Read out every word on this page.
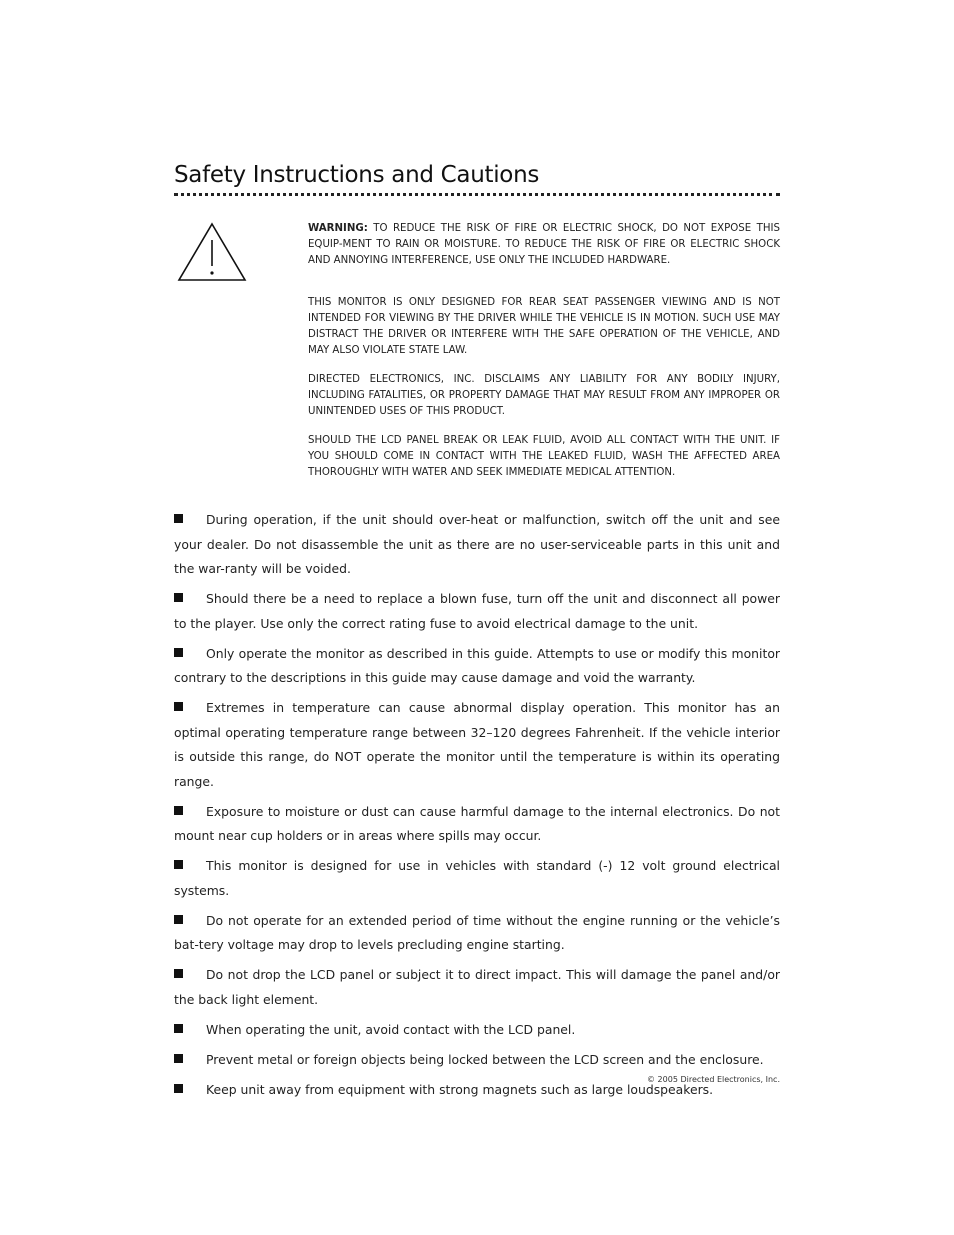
Safety Instructions and Cautions

WARNING: TO REDUCE THE RISK OF FIRE OR ELECTRIC SHOCK, DO NOT EXPOSE THIS EQUIP-MENT TO RAIN OR MOISTURE. TO REDUCE THE RISK OF FIRE OR ELECTRIC SHOCK AND ANNOYING INTERFERENCE, USE ONLY THE INCLUDED HARDWARE.

THIS MONITOR IS ONLY DESIGNED FOR REAR SEAT PASSENGER VIEWING AND IS NOT INTENDED FOR VIEWING BY THE DRIVER WHILE THE VEHICLE IS IN MOTION. SUCH USE MAY DISTRACT THE DRIVER OR INTERFERE WITH THE SAFE OPERATION OF THE VEHICLE, AND MAY ALSO VIOLATE STATE LAW.

DIRECTED ELECTRONICS, INC. DISCLAIMS ANY LIABILITY FOR ANY BODILY INJURY, INCLUDING FATALITIES, OR PROPERTY DAMAGE THAT MAY RESULT FROM ANY IMPROPER OR UNINTENDED USES OF THIS PRODUCT.

SHOULD THE LCD PANEL BREAK OR LEAK FLUID, AVOID ALL CONTACT WITH THE UNIT. IF YOU SHOULD COME IN CONTACT WITH THE LEAKED FLUID, WASH THE AFFECTED AREA THOROUGHLY WITH WATER AND SEEK IMMEDIATE MEDICAL ATTENTION.

During operation, if the unit should over-heat or malfunction, switch off the unit and see your dealer. Do not disassemble the unit as there are no user-serviceable parts in this unit and the war-ranty will be voided.

Should there be a need to replace a blown fuse, turn off the unit and disconnect all power to the player. Use only the correct rating fuse to avoid electrical damage to the unit.

Only operate the monitor as described in this guide. Attempts to use or modify this monitor contrary to the descriptions in this guide may cause damage and void the warranty.

Extremes in temperature can cause abnormal display operation. This monitor has an optimal operating temperature range between 32–120 degrees Fahrenheit. If the vehicle interior is outside this range, do NOT operate the monitor until the temperature is within its operating range.

Exposure to moisture or dust can cause harmful damage to the internal electronics. Do not mount near cup holders or in areas where spills may occur.

This monitor is designed for use in vehicles with standard (-) 12 volt ground electrical systems.

Do not operate for an extended period of time without the engine running or the vehicle’s bat-tery voltage may drop to levels precluding engine starting.

Do not drop the LCD panel or subject it to direct impact. This will damage the panel and/or the back light element.

When operating the unit, avoid contact with the LCD panel.

Prevent metal or foreign objects being locked between the LCD screen and the enclosure.

Keep unit away from equipment with strong magnets such as large loudspeakers.

© 2005 Directed Electronics, Inc.
